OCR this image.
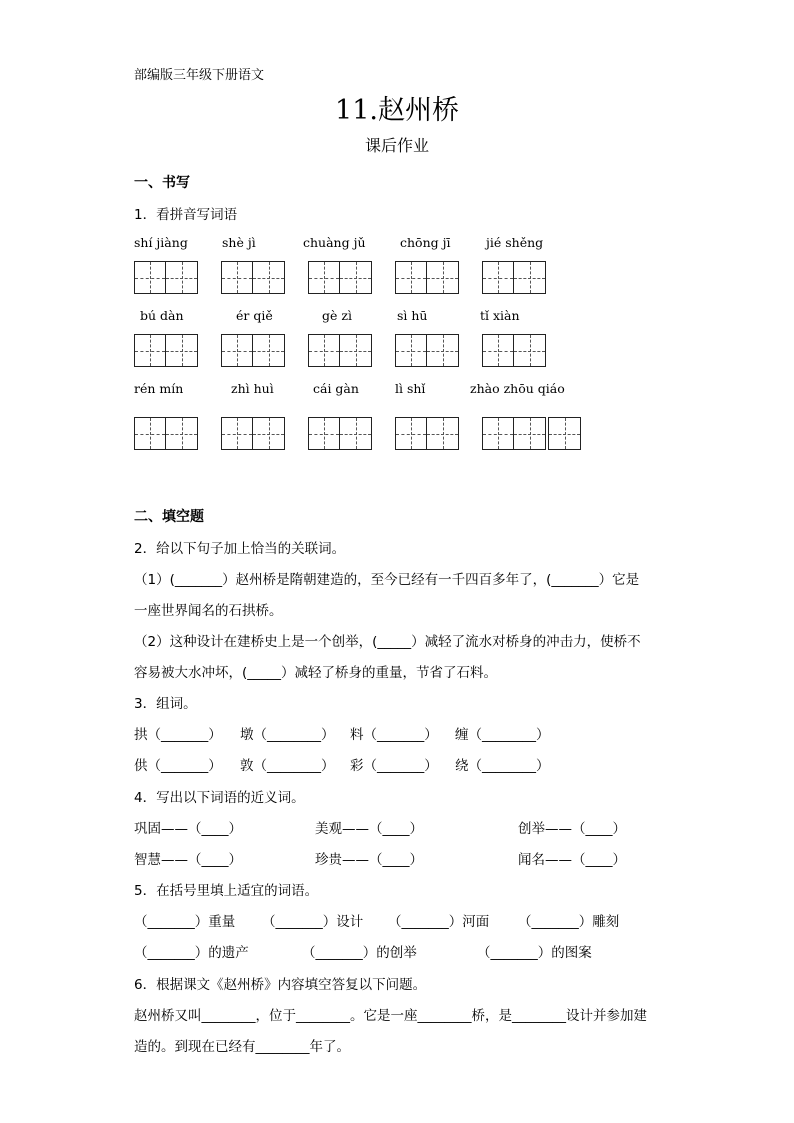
部编版三年级下册语文
11.赵州桥
课后作业
一、书写
1．看拼音写词语
shí jiàng	shè jì	chuàng jǔ	chōng jī	jié shěng
bú dàn	ér qiě	gè zì	sì hū	tǐ xiàn
rén mín	zhì huì	cái gàn	lì shǐ	zhào zhōu qiáo
二、填空题
2．给以下句子加上恰当的关联词。
（1）(_______）赵州桥是隋朝建造的，至今已经有一千四百多年了，(_______）它是
一座世界闻名的石拱桥。
（2）这种设计在建桥史上是一个创举，(_____）减轻了流水对桥身的冲击力，使桥不
容易被大水冲坏，(_____）减轻了桥身的重量，节省了石料。
3．组词。
拱（_______） 墩（________） 料（_______） 缠（________）
供（_______） 敦（________） 彩（_______） 绕（________）
4．写出以下词语的近义词。
巩固——（____）	美观——（____）	创举——（____）
智慧——（____）	珍贵——（____）	闻名——（____）
5．在括号里填上适宜的词语。
（_______）重量 （_______）设计 （_______）河面 （_______）雕刻
（_______）的遗产	（_______）的创举	（_______）的图案
6．根据课文《赵州桥》内容填空答复以下问题。
赵州桥又叫________，位于________。它是一座________桥，是________设计并参加建
造的。到现在已经有________年了。
